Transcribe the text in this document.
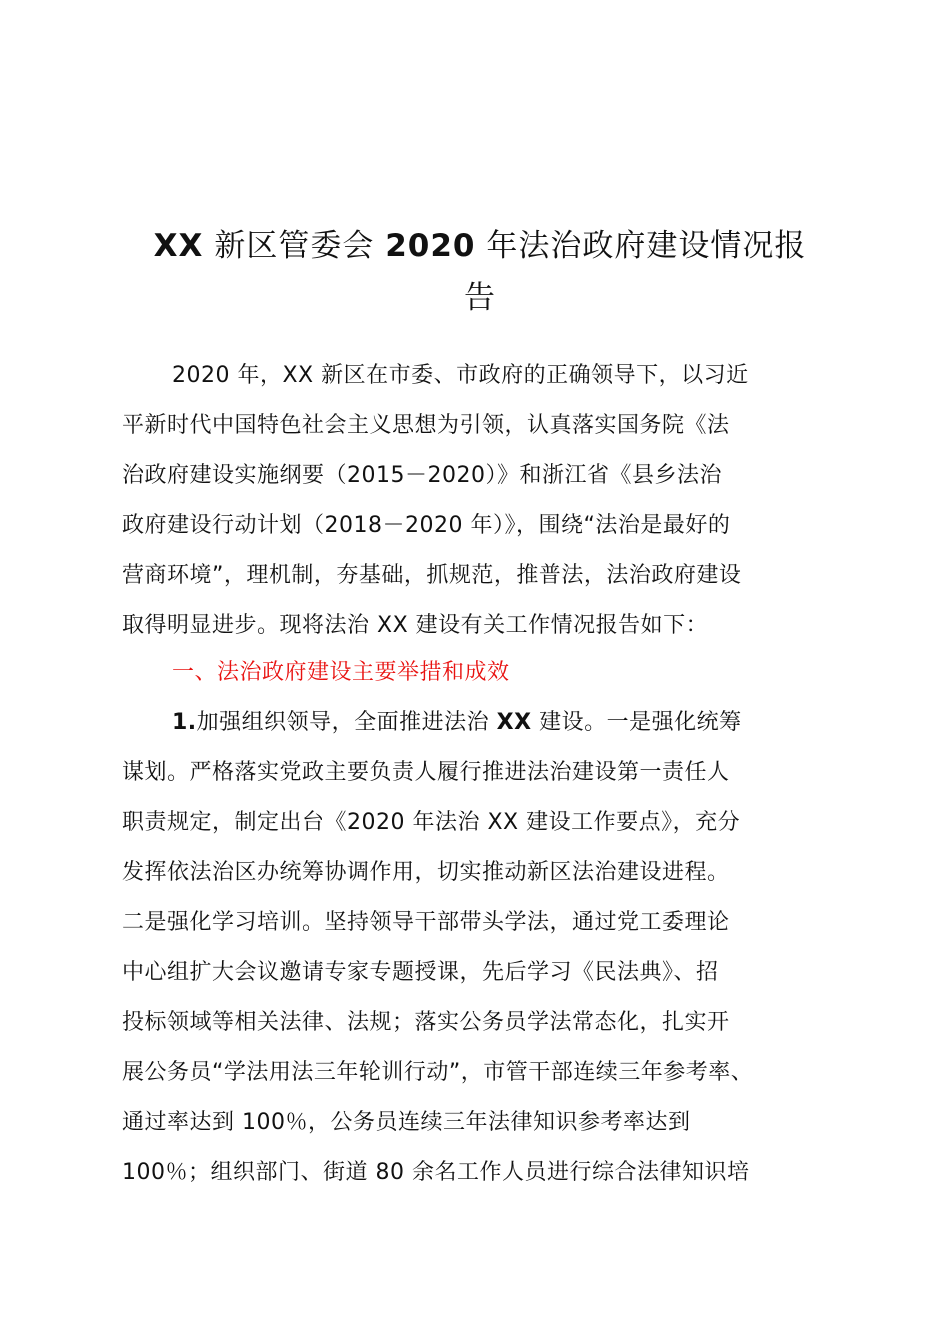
XX 新区管委会 2020 年法治政府建设情况报
告
2020 年，XX 新区在市委、市政府的正确领导下，以习近
平新时代中国特色社会主义思想为引领，认真落实国务院《法
治政府建设实施纲要（2015－2020）》和浙江省《县乡法治
政府建设行动计划（2018－2020 年）》，围绕“法治是最好的
营商环境”，理机制，夯基础，抓规范，推普法，法治政府建设
取得明显进步。现将法治 XX 建设有关工作情况报告如下：
一、法治政府建设主要举措和成效
1.加强组织领导，全面推进法治 XX 建设。一是强化统筹
谋划。严格落实党政主要负责人履行推进法治建设第一责任人
职责规定，制定出台《2020 年法治 XX 建设工作要点》，充分
发挥依法治区办统筹协调作用，切实推动新区法治建设进程。
二是强化学习培训。坚持领导干部带头学法，通过党工委理论
中心组扩大会议邀请专家专题授课，先后学习《民法典》、招
投标领域等相关法律、法规；落实公务员学法常态化，扎实开
展公务员“学法用法三年轮训行动”，市管干部连续三年参考率、
通过率达到 100％，公务员连续三年法律知识参考率达到
100％；组织部门、街道 80 余名工作人员进行综合法律知识培
